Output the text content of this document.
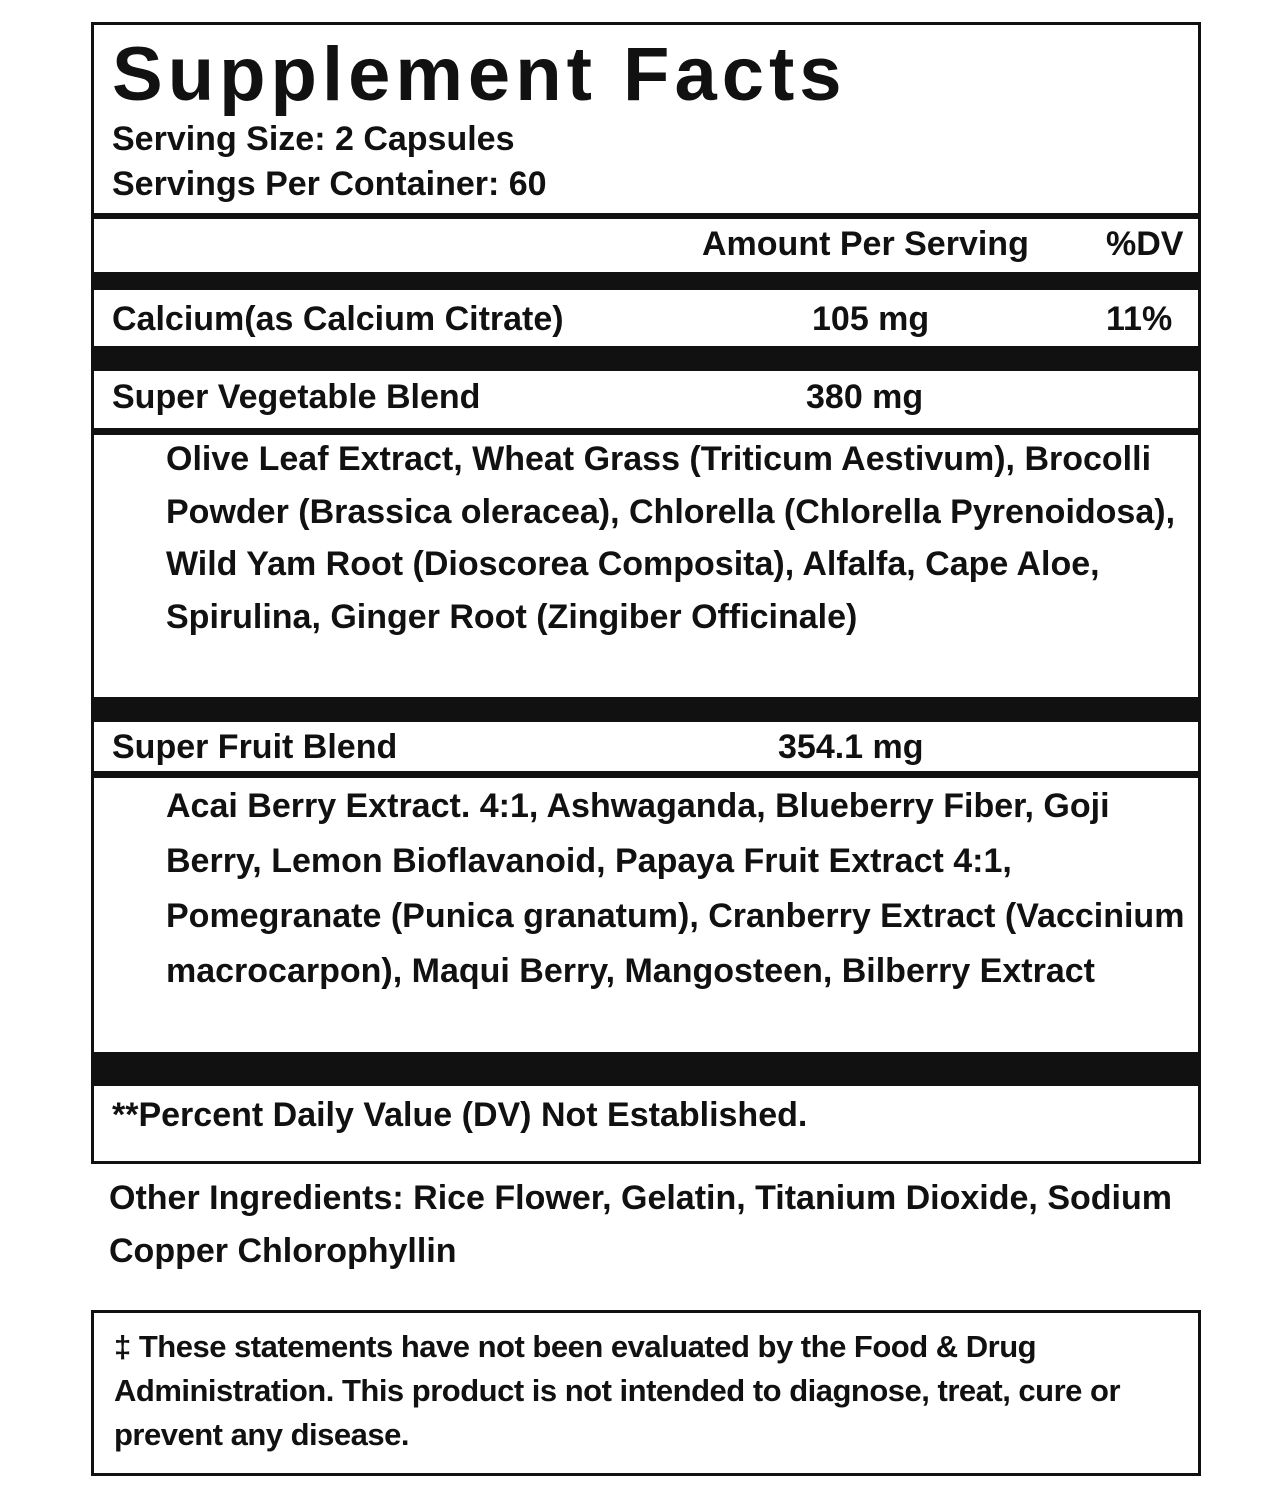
Supplement Facts
Serving Size: 2 Capsules
Servings Per Container: 60
Amount Per Serving %DV
Calcium(as Calcium Citrate)	105 mg	11%
Super Vegetable Blend	380 mg
Olive Leaf Extract, Wheat Grass (Triticum Aestivum), Brocolli Powder (Brassica oleracea), Chlorella (Chlorella Pyrenoidosa), Wild Yam Root (Dioscorea Composita), Alfalfa, Cape Aloe, Spirulina, Ginger Root (Zingiber Officinale)
Super Fruit Blend	354.1 mg
Acai Berry Extract. 4:1, Ashwaganda, Blueberry Fiber, Goji Berry, Lemon Bioflavanoid, Papaya Fruit Extract 4:1, Pomegranate (Punica granatum), Cranberry Extract (Vaccinium macrocarpon), Maqui Berry, Mangosteen, Bilberry Extract
**Percent Daily Value (DV) Not Established.
Other Ingredients: Rice Flower, Gelatin, Titanium Dioxide, Sodium Copper Chlorophyllin
‡ These statements have not been evaluated by the Food & Drug Administration. This product is not intended to diagnose, treat, cure or prevent any disease.
